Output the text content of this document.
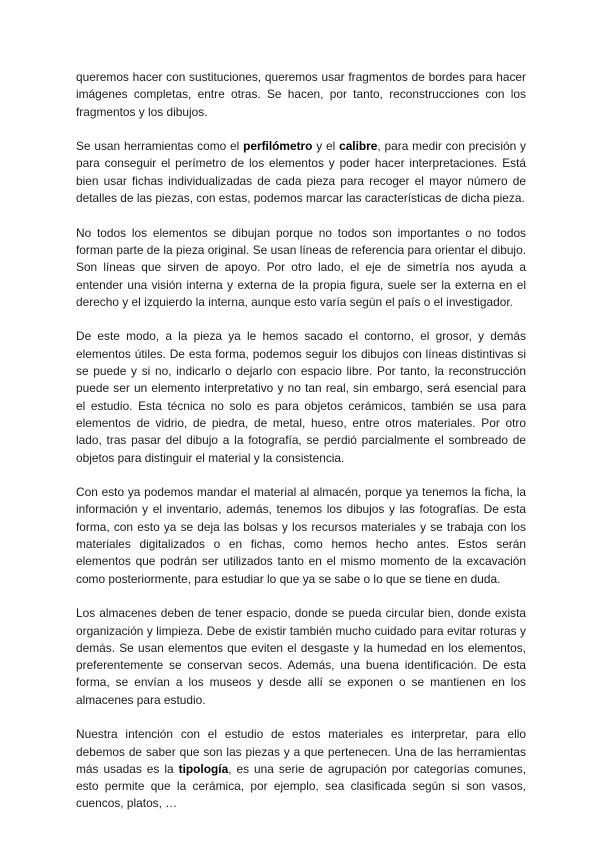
queremos hacer con sustituciones, queremos usar fragmentos de bordes para hacer imágenes completas, entre otras. Se hacen, por tanto, reconstrucciones con los fragmentos y los dibujos.

Se usan herramientas como el perfilómetro y el calibre, para medir con precisión y para conseguir el perímetro de los elementos y poder hacer interpretaciones. Está bien usar fichas individualizadas de cada pieza para recoger el mayor número de detalles de las piezas, con estas, podemos marcar las características de dicha pieza.

No todos los elementos se dibujan porque no todos son importantes o no todos forman parte de la pieza original. Se usan líneas de referencia para orientar el dibujo. Son líneas que sirven de apoyo. Por otro lado, el eje de simetría nos ayuda a entender una visión interna y externa de la propia figura, suele ser la externa en el derecho y el izquierdo la interna, aunque esto varía según el país o el investigador.

De este modo, a la pieza ya le hemos sacado el contorno, el grosor, y demás elementos útiles. De esta forma, podemos seguir los dibujos con líneas distintivas si se puede y si no, indicarlo o dejarlo con espacio libre. Por tanto, la reconstrucción puede ser un elemento interpretativo y no tan real, sin embargo, será esencial para el estudio. Esta técnica no solo es para objetos cerámicos, también se usa para elementos de vidrio, de piedra, de metal, hueso, entre otros materiales. Por otro lado, tras pasar del dibujo a la fotografía, se perdió parcialmente el sombreado de objetos para distinguir el material y la consistencia.

Con esto ya podemos mandar el material al almacén, porque ya tenemos la ficha, la información y el inventario, además, tenemos los dibujos y las fotografías. De esta forma, con esto ya se deja las bolsas y los recursos materiales y se trabaja con los materiales digitalizados o en fichas, como hemos hecho antes. Estos serán elementos que podrán ser utilizados tanto en el mismo momento de la excavación como posteriormente, para estudiar lo que ya se sabe o lo que se tiene en duda.

Los almacenes deben de tener espacio, donde se pueda circular bien, donde exista organización y limpieza. Debe de existir también mucho cuidado para evitar roturas y demás. Se usan elementos que eviten el desgaste y la humedad en los elementos, preferentemente se conservan secos. Además, una buena identificación. De esta forma, se envían a los museos y desde allí se exponen o se mantienen en los almacenes para estudio.

Nuestra intención con el estudio de estos materiales es interpretar, para ello debemos de saber que son las piezas y a que pertenecen. Una de las herramientas más usadas es la tipología, es una serie de agrupación por categorías comunes, esto permite que la cerámica, por ejemplo, sea clasificada según si son vasos, cuencos, platos, …
